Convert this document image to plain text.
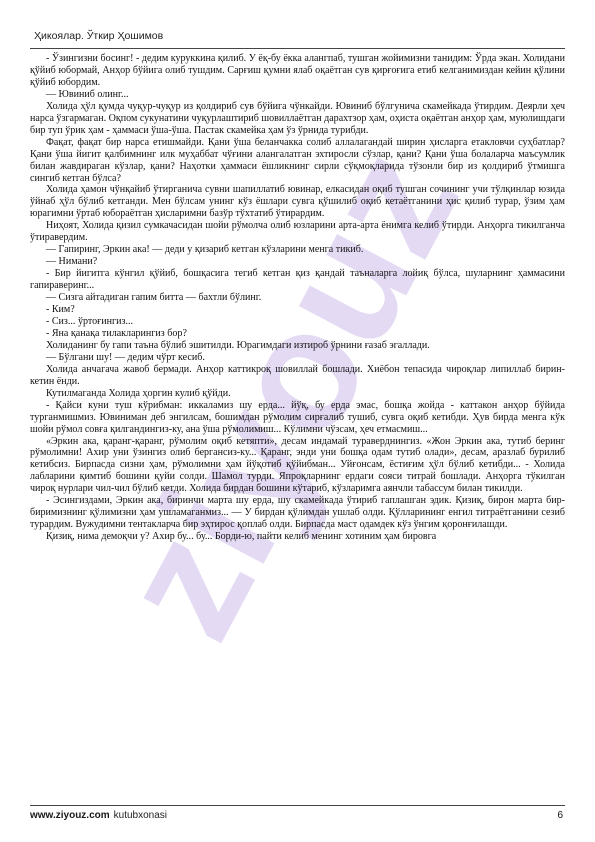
Ҳикоялар. Ўткир Ҳошимов
ziyouz

- Ўзингизни босинг! - дедим куруккина қилиб. У ёқ-бу ёкка алангпаб, тушган жойимизни танидим: Ўрда экан. Холидани қўйиб юбормай, Анҳор бўйига олиб тушдим. Сарғиш қумни ялаб оқаётган сув қирғоғига етиб келганимиздан кейин қўлини қўйиб юбордим.

— Ювиниб олинг...

Холида ҳўл қумда чуқур-чуқур из қолдириб сув бўйига чўнкайди. Ювиниб бўлгунича скамейкада ўтирдим. Деярли ҳеч нарса ўзгармаган. Оқпом сукунатини чуқурлаштириб шовиллаётган дарахтзор ҳам, оҳиста оқаётган анҳор ҳам, муюлишдаги бир туп ўрик ҳам - ҳаммаси ўша-ўша. Пастак скамейка ҳам ўз ўрнида турибди.

Фақат, фақат бир нарса етишмайди. Қани ўша беланчакка солиб аллалагандай ширин ҳисларга етакловчи суҳбатлар? Қани ўша йигит қалбимнинг илк муҳаббат чўғини алангалатган эхтиросли сўзлар, қани? Қани ўша болаларча маъсумлик билан жавдираган кўзлар, қани? Наҳотки ҳаммаси ёшликнинг сирли сўқмоқларида тўзонли бир из қолдириб ўтмишга сингиб кетган бўлса?

Холида ҳамон чўнқайиб ўтирганича сувни шапиллатиб ювинар, елкасидан оқиб тушган сочининг учи тўлқинлар юзида ўйнаб ҳўл бўлиб кетганди. Мен бўлсам унинг кўз ёшлари сувга қўшилиб оқиб кетаётганини ҳис қилиб турар, ўзим ҳам юрагимни ўртаб юбораётган ҳисларимни базўр тўхтатиб ўтирардим.

Ниҳоят, Холида қизил сумкачасидан шойи рўмолча олиб юзларини арта-арта ёнимга келиб ўтирди. Анҳорга тикилганча ўтиравердим.

— Гапиринг, Эркин ака! — деди у қизариб кетган кўзларини менга тикиб.

— Нимани?

- Бир йигитга кўнгил қўйиб, бошқасига тегиб кетган қиз қандай таъналарга лойиқ бўлса, шуларнинг ҳаммасини гапираверинг...

— Сизга айтадиган гапим битта — бахтли бўлинг.

- Ким?

- Сиз... ўртоғингиз...

- Яна қанақа тилакларингиз бор?

Холиданинг бу гапи таъна бўлиб эшитилди. Юрагимдаги изтироб ўрнини ғазаб эгаллади.

— Бўлгани шу! — дедим чўрт кесиб.

Холида анчагача жавоб бермади. Анҳор каттикроқ шовиллай бошлади. Хиёбон тепасида чироқлар липиллаб бирин-кетин ёнди.

Кутилмаганда Холида ҳоргин кулиб қўйди.

- Қайси куни туш кўрибман: иккаламиз шу ерда... йўқ, бу ерда эмас, бошқа жойда - каттакон анҳор бўйида турганмишмиз. Ювиниман деб энгилсам, бошимдан рўмолим сирғалиб тушиб, сувга оқиб кетибди. Ҳув бирда менга кўк шойи рўмол совға қилгандингиз-ку, ана ўша рўмолимиш... Кўлимни чўзсам, ҳеч етмасмиш...

«Эркин ака, қаранг-қаранг, рўмолим оқиб кетяпти», десам индамай тураверднингиз. «Жон Эркин ака, тутиб беринг рўмолимни! Ахир уни ўзингиз олиб бергансиз-ку... Қаранг, энди уни бошқа одам тутиб олади», десам, аразлаб бурилиб кетибсиз. Бирпасда сизни ҳам, рўмолимни ҳам йўқотиб қўйибман... Уйғонсам, ёстиғим ҳўл бўлиб кетибди... - Холида лабларини қимтиб бошини қуйи солди. Шамол турди. Япроқларнинг ердаги сояси титрай бошлади. Анҳорга тўкилган чироқ нурлари чил-чил бўлиб кетди. Холида бирдан бошини кўтариб, кўзларимга аянчли табассум билан тикилди.

- Эсингиздами, Эркин ака, биринчи марта шу ерда, шу скамейкада ўтириб гаплашган эдик. Қизиқ, бирон марта бир-биримизнинг қўлимизни ҳам ушламаганмиз... — У бирдан қўлимдан ушлаб олди. Қўлларининг енгил титраётганини сезиб турардим. Вужудимни тентакларча бир эҳтирос қоплаб олди. Бирпасда маст одамдек кўз ўнгим қоронғилашди.

Қизиқ, нима демоқчи у? Ахир бу... бу... Борди-ю, пайти келиб менинг хотиним ҳам бировга

www.ziyouz.com kutubxonasi	6
